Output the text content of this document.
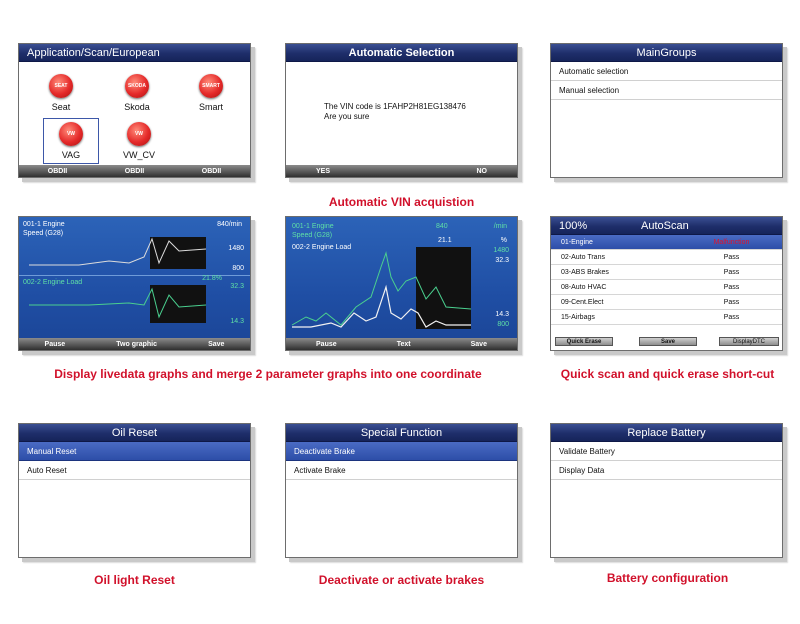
Application/Scan/European
SEAT
Seat
SKODA
Skoda
SMART
Smart
VW
VAG
VW
VW_CV
OBDII	OBDII	OBDII
Automatic Selection
The VIN code is 1FAHP2H81EG138476
Are you sure
YES	NO
MainGroups
Automatic selection
Manual selection
Automatic VIN acquistion
001-1 Engine
Speed (G28)
840/min
1480
800
002-2 Engine Load
21.8%
32.3
14.3
Pause	Two graphic	Save
001-1 Engine
Speed (G28)
840	/min
002-2 Engine Load
21.1	%
1480
32.3
14.3
800
Pause	Text	Save
100%	AutoScan
01-Engine	Malfunction
02-Auto Trans	Pass
03-ABS Brakes	Pass
08-Auto HVAC	Pass
09-Cent.Elect	Pass
15-Airbags	Pass
Quick Erase	Save	DisplayDTC
Display livedata graphs and merge 2 parameter graphs into one coordinate	Quick scan and quick erase short-cut
Oil Reset
Manual Reset
Auto Reset
Special Function
Deactivate Brake
Activate Brake
Replace Battery
Validate Battery
Display Data
Oil light Reset	Deactivate or activate brakes	Battery configuration
